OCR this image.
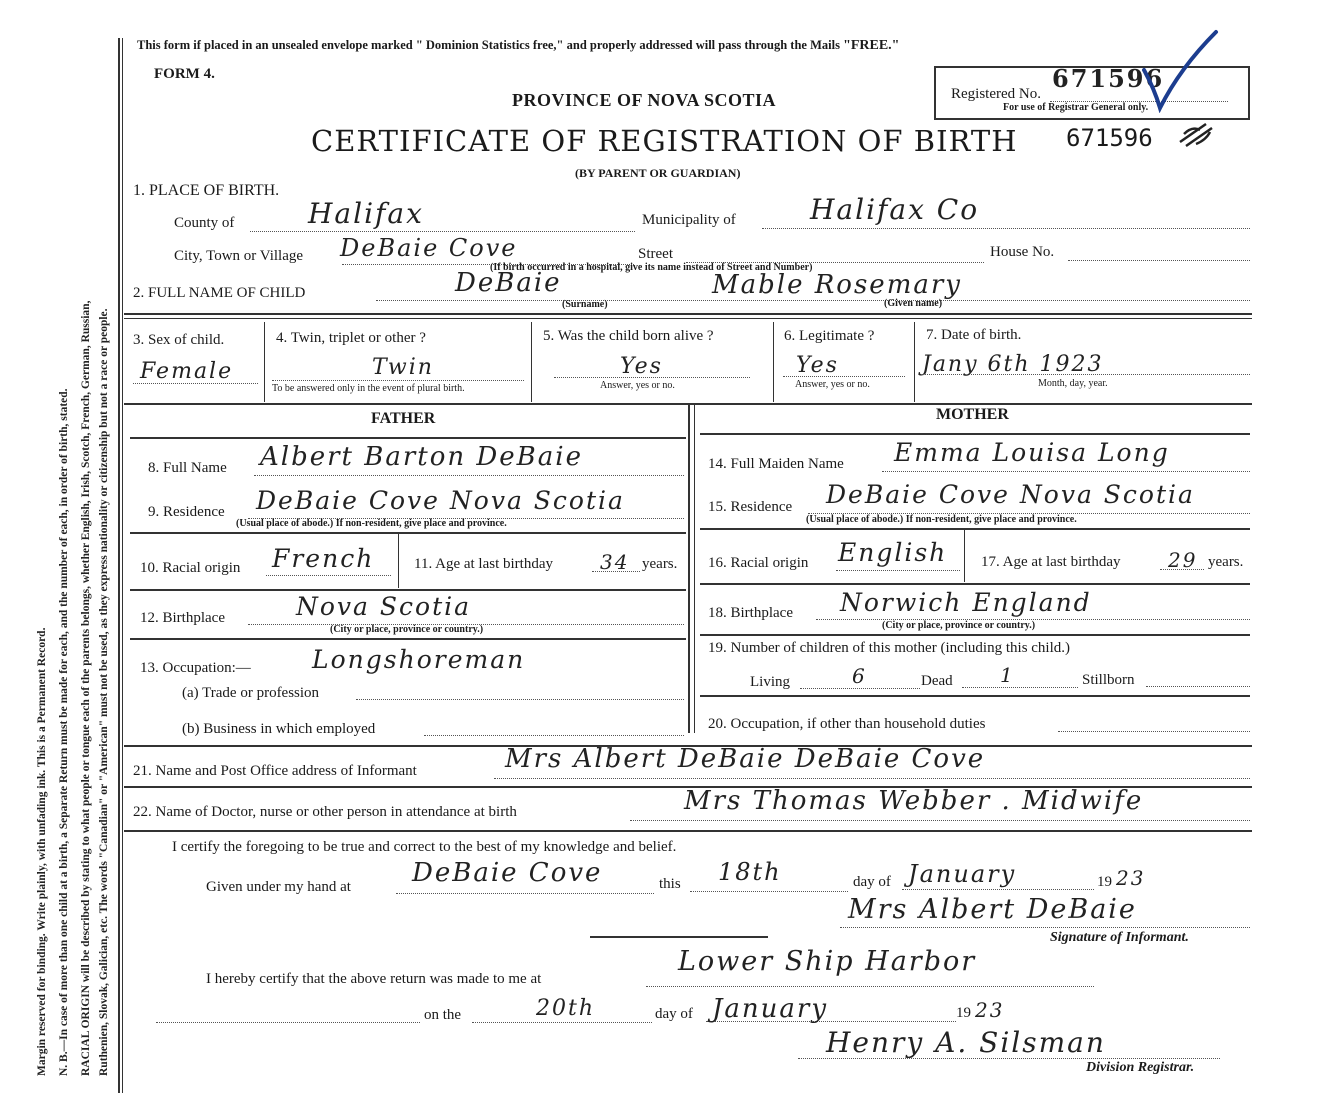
Margin reserved for binding. Write plainly, with unfading ink. This is a Permanent Record. N. B.—In case of more than one child at a birth, a Separate Return must be made for each, and the number of each, in order of birth, stated. RACIAL ORIGIN will be described by stating to what people or tongue each of the parents belongs, whether English, Irish, Scotch, French, German, Russian, Ruthenien, Slovak, Galician, etc. The words "Canadian" or "American" must not be used, as they express nationality or citizenship but not a race or people.
This form if placed in an unsealed envelope marked " Dominion Statistics free," and properly addressed will pass through the Mails "FREE."
FORM 4.
PROVINCE OF NOVA SCOTIA	Registered No.
671596
For use of Registrar General only.
CERTIFICATE OF REGISTRATION OF BIRTH 671596
(BY PARENT OR GUARDIAN)
1. PLACE OF BIRTH.
County of	Halifax	Municipality of	Halifax Co
City, Town or Village DeBaie Cove	Street	House No.
(If birth occurred in a hospital, give its name instead of Street and Number)
2. FULL NAME OF CHILD	DeBaie	Mable Rosemary
(Surname)	(Given name)
3. Sex of child.
Female
4. Twin, triplet or other ?
Twin
To be answered only in the event of plural birth.
5. Was the child born alive ?
Yes
Answer, yes or no.
6. Legitimate ?
Yes
Answer, yes or no.
7. Date of birth.
Jany 6th 1923
Month, day, year.
FATHER	MOTHER
8. Full Name Albert Barton DeBaie
9. Residence DeBaie Cove Nova Scotia
(Usual place of abode.) If non-resident, give place and province.
10. Racial origin French	11. Age at last birthday 34 years.
12. Birthplace	Nova Scotia
(City or place, province or country.)
13. Occupation:— Longshoreman
(a) Trade or profession
(b) Business in which employed
14. Full Maiden Name Emma Louisa Long
15. Residence DeBaie Cove Nova Scotia
(Usual place of abode.) If non-resident, give place and province.
16. Racial origin English 17. Age at last birthday 29 years.
18. Birthplace Norwich England
(City or place, province or country.)
19. Number of children of this mother (including this child.)
Living	6	Dead 1	Stillborn
20. Occupation, if other than household duties
21. Name and Post Office address of Informant	Mrs Albert DeBaie DeBaie Cove
22. Name of Doctor, nurse or other person in attendance at birth	Mrs Thomas Webber . Midwife
I certify the foregoing to be true and correct to the best of my knowledge and belief.
Given under my hand at DeBaie Cove	this 18th	day of January	19 23
Mrs Albert DeBaie
Signature of Informant.
I hereby certify that the above return was made to me at
Lower Ship Harbor
on the	20th	day of January	19 23
Henry A. Silsman
Division Registrar.
